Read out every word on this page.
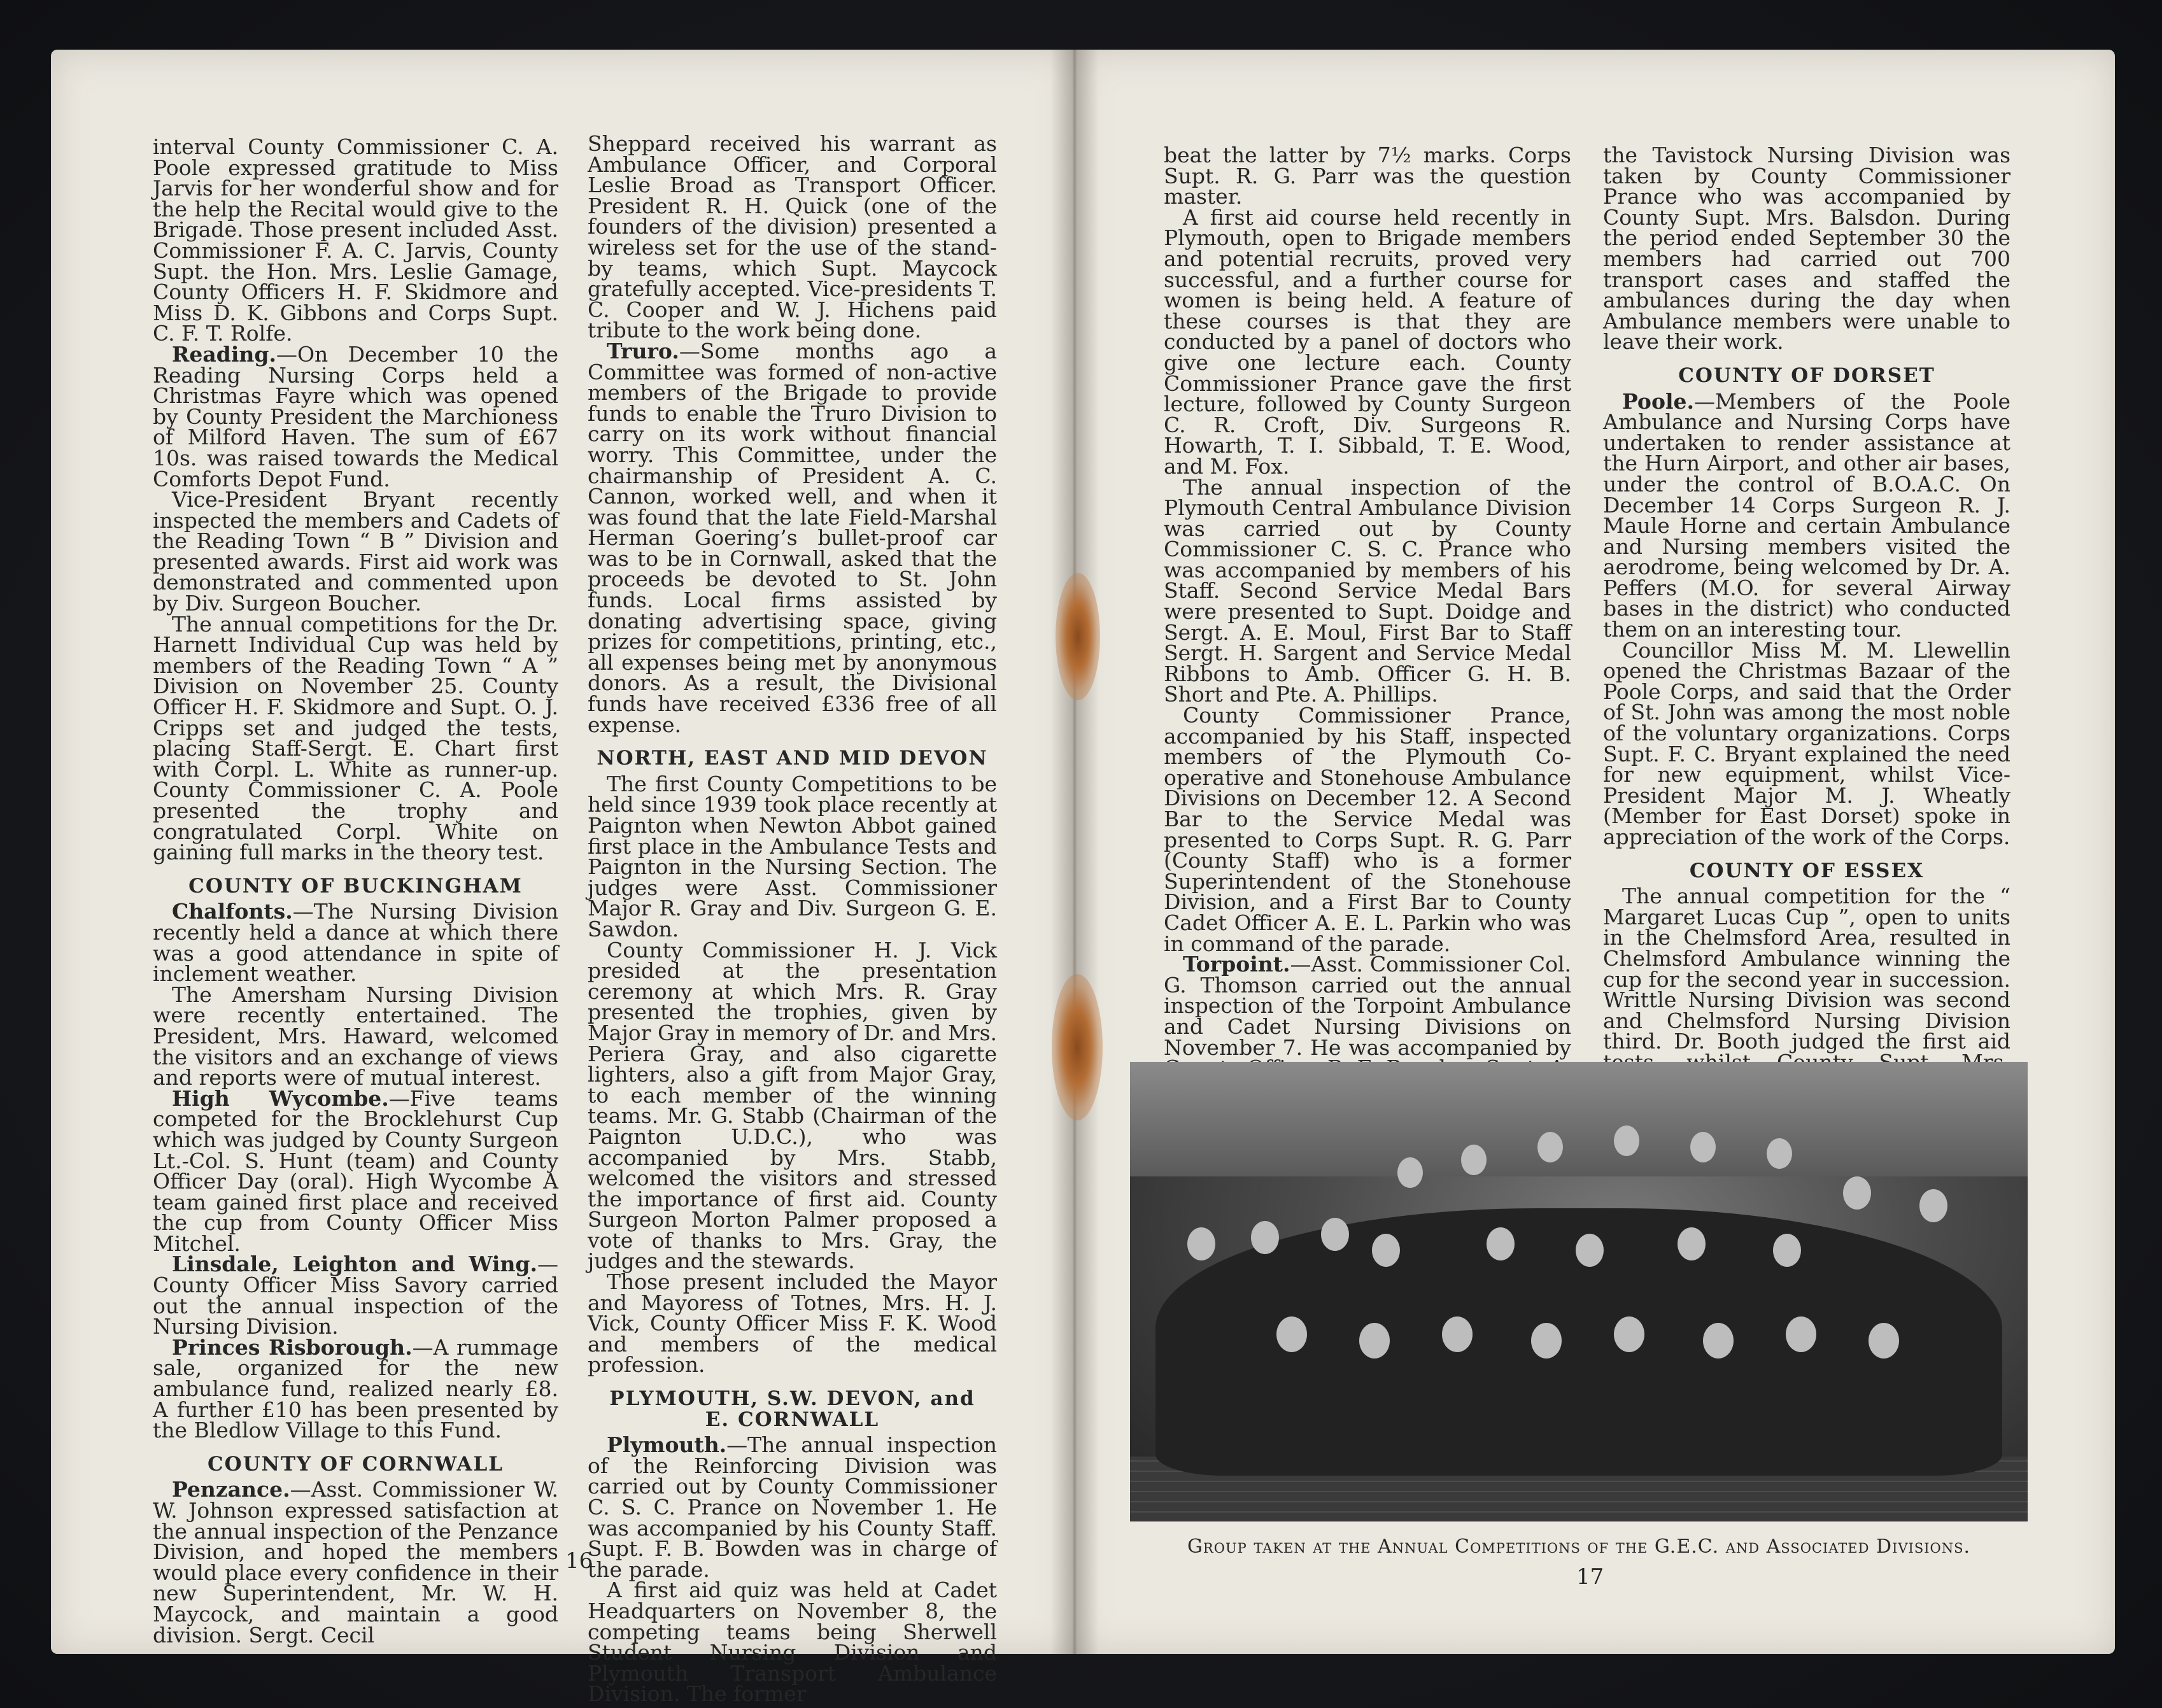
interval County Commissioner C. A. Poole expressed gratitude to Miss Jarvis for her wonderful show and for the help the Recital would give to the Brigade. Those present included Asst. Commissioner F. A. C. Jarvis, County Supt. the Hon. Mrs. Leslie Gamage, County Officers H. F. Skidmore and Miss D. K. Gibbons and Corps Supt. C. F. T. Rolfe.

Reading.—On December 10 the Reading Nursing Corps held a Christmas Fayre which was opened by County President the Marchioness of Milford Haven. The sum of £67 10s. was raised towards the Medical Comforts Depot Fund.

Vice-President Bryant recently inspected the members and Cadets of the Reading Town “ B ” Division and presented awards. First aid work was demonstrated and commented upon by Div. Surgeon Boucher.

The annual competitions for the Dr. Harnett Individual Cup was held by members of the Reading Town “ A ” Division on November 25. County Officer H. F. Skidmore and Supt. O. J. Cripps set and judged the tests, placing Staff-Sergt. E. Chart first with Corpl. L. White as runner-up. County Commissioner C. A. Poole presented the trophy and congratulated Corpl. White on gaining full marks in the theory test.

COUNTY OF BUCKINGHAM

Chalfonts.—The Nursing Division recently held a dance at which there was a good attendance in spite of inclement weather.

The Amersham Nursing Division were recently entertained. The President, Mrs. Haward, welcomed the visitors and an exchange of views and reports were of mutual interest.

High Wycombe.—Five teams competed for the Brocklehurst Cup which was judged by County Surgeon Lt.-Col. S. Hunt (team) and County Officer Day (oral). High Wycombe A team gained first place and received the cup from County Officer Miss Mitchel.

Linsdale, Leighton and Wing.—County Officer Miss Savory carried out the annual inspection of the Nursing Division.

Princes Risborough.—A rummage sale, organized for the new ambulance fund, realized nearly £8. A further £10 has been presented by the Bledlow Village to this Fund.

COUNTY OF CORNWALL

Penzance.—Asst. Commissioner W. W. Johnson expressed satisfaction at the annual inspection of the Penzance Division, and hoped the members would place every confidence in their new Superintendent, Mr. W. H. Maycock, and maintain a good division. Sergt. Cecil

Sheppard received his warrant as Ambulance Officer, and Corporal Leslie Broad as Transport Officer. President R. H. Quick (one of the founders of the division) presented a wireless set for the use of the stand-by teams, which Supt. Maycock gratefully accepted. Vice-presidents T. C. Cooper and W. J. Hichens paid tribute to the work being done.

Truro.—Some months ago a Committee was formed of non-active members of the Brigade to provide funds to enable the Truro Division to carry on its work without financial worry. This Committee, under the chairmanship of President A. C. Cannon, worked well, and when it was found that the late Field-Marshal Herman Goering’s bullet-proof car was to be in Cornwall, asked that the proceeds be devoted to St. John funds. Local firms assisted by donating advertising space, giving prizes for competitions, printing, etc., all expenses being met by anonymous donors. As a result, the Divisional funds have received £336 free of all expense.

NORTH, EAST AND MID DEVON

The first County Competitions to be held since 1939 took place recently at Paignton when Newton Abbot gained first place in the Ambulance Tests and Paignton in the Nursing Section. The judges were Asst. Commissioner Major R. Gray and Div. Surgeon G. E. Sawdon.

County Commissioner H. J. Vick presided at the presentation ceremony at which Mrs. R. Gray presented the trophies, given by Major Gray in memory of Dr. and Mrs. Periera Gray, and also cigarette lighters, also a gift from Major Gray, to each member of the winning teams. Mr. G. Stabb (Chairman of the Paignton U.D.C.), who was accompanied by Mrs. Stabb, welcomed the visitors and stressed the importance of first aid. County Surgeon Morton Palmer proposed a vote of thanks to Mrs. Gray, the judges and the stewards.

Those present included the Mayor and Mayoress of Totnes, Mrs. H. J. Vick, County Officer Miss F. K. Wood and members of the medical profession.

PLYMOUTH, S.W. DEVON, and
E. CORNWALL

Plymouth.—The annual inspection of the Reinforcing Division was carried out by County Commissioner C. S. C. Prance on November 1. He was accompanied by his County Staff. Supt. F. B. Bowden was in charge of the parade.

A first aid quiz was held at Cadet Headquarters on November 8, the competing teams being Sherwell Student Nursing Division and Plymouth Transport Ambulance Division. The former

16

beat the latter by 7½ marks. Corps Supt. R. G. Parr was the question master.

A first aid course held recently in Plymouth, open to Brigade members and potential recruits, proved very successful, and a further course for women is being held. A feature of these courses is that they are conducted by a panel of doctors who give one lecture each. County Commissioner Prance gave the first lecture, followed by County Surgeon C. R. Croft, Div. Surgeons R. Howarth, T. I. Sibbald, T. E. Wood, and M. Fox.

The annual inspection of the Plymouth Central Ambulance Division was carried out by County Commissioner C. S. C. Prance who was accompanied by members of his Staff. Second Service Medal Bars were presented to Supt. Doidge and Sergt. A. E. Moul, First Bar to Staff Sergt. H. Sargent and Service Medal Ribbons to Amb. Officer G. H. B. Short and Pte. A. Phillips.

County Commissioner Prance, accompanied by his Staff, inspected members of the Plymouth Co-operative and Stonehouse Ambulance Divisions on December 12. A Second Bar to the Service Medal was presented to Corps Supt. R. G. Parr (County Staff) who is a former Superintendent of the Stonehouse Division, and a First Bar to County Cadet Officer A. E. L. Parkin who was in command of the parade.

Torpoint.—Asst. Commissioner Col. G. Thomson carried out the annual inspection of the Torpoint Ambulance and Cadet Nursing Divisions on November 7. He was accompanied by

the Tavistock Nursing Division was taken by County Commissioner Prance who was accompanied by County Supt. Mrs. Balsdon. During the period ended September 30 the members had carried out 700 transport cases and staffed the ambulances during the day when Ambulance members were unable to leave their work.

COUNTY OF DORSET

Poole.—Members of the Poole Ambulance and Nursing Corps have undertaken to render assistance at the Hurn Airport, and other air bases, under the control of B.O.A.C. On December 14 Corps Surgeon R. J. Maule Horne and certain Ambulance and Nursing members visited the aerodrome, being welcomed by Dr. A. Peffers (M.O. for several Airway bases in the district) who conducted them on an interesting tour.

Councillor Miss M. M. Llewellin opened the Christmas Bazaar of the Poole Corps, and said that the Order of St. John was among the most noble of the voluntary organizations. Corps Supt. F. C. Bryant explained the need for new equipment, whilst Vice-President Major M. J. Wheatly (Member for East Dorset) spoke in appreciation of the work of the Corps.

COUNTY OF ESSEX

The annual competition for the “ Margaret Lucas Cup ”, open to units in the Chelmsford Area, resulted in Chelmsford Ambulance winning the cup for the second year in succession. Writtle Nursing Division was second and Chelmsford Nursing Division third. Dr. Booth judged the first aid

Group taken at the Annual Competitions of the G.E.C. and Associated Divisions.
17
